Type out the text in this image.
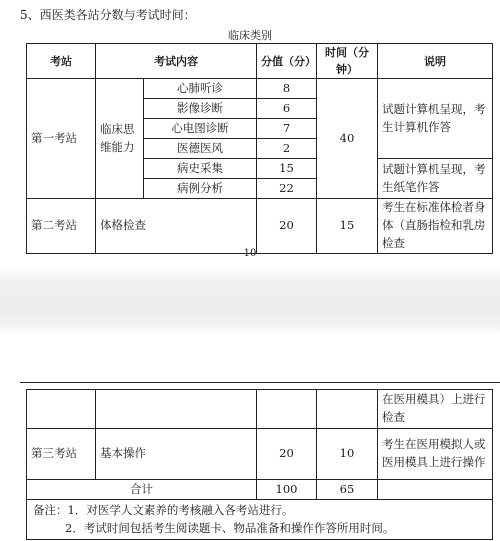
5、西医类各站分数与考试时间：
临床类别
考站	考试内容		分值（分）	时间（分钟）	说明
第一考站	临床思维能力	心肺听诊	8	40	试题计算机呈现，考生计算机作答
		影像诊断	6		
		心电图诊断	7		
		医德医风	2		
		病史采集	15		试题计算机呈现，考生纸笔作答
		病例分析	22		
第二考站	体格检查		20	15	考生在标准体检者身体（直肠指检和乳房检查
10
				在医用模具）上进行检查
第三考站	基本操作	20	10	考生在医用模拟人或医用模具上进行操作
合计		100	65	

备注：1．对医学人文素养的考核融入各考站进行。
2．考试时间包括考生阅读题卡、物品准备和操作作答所用时间。				
